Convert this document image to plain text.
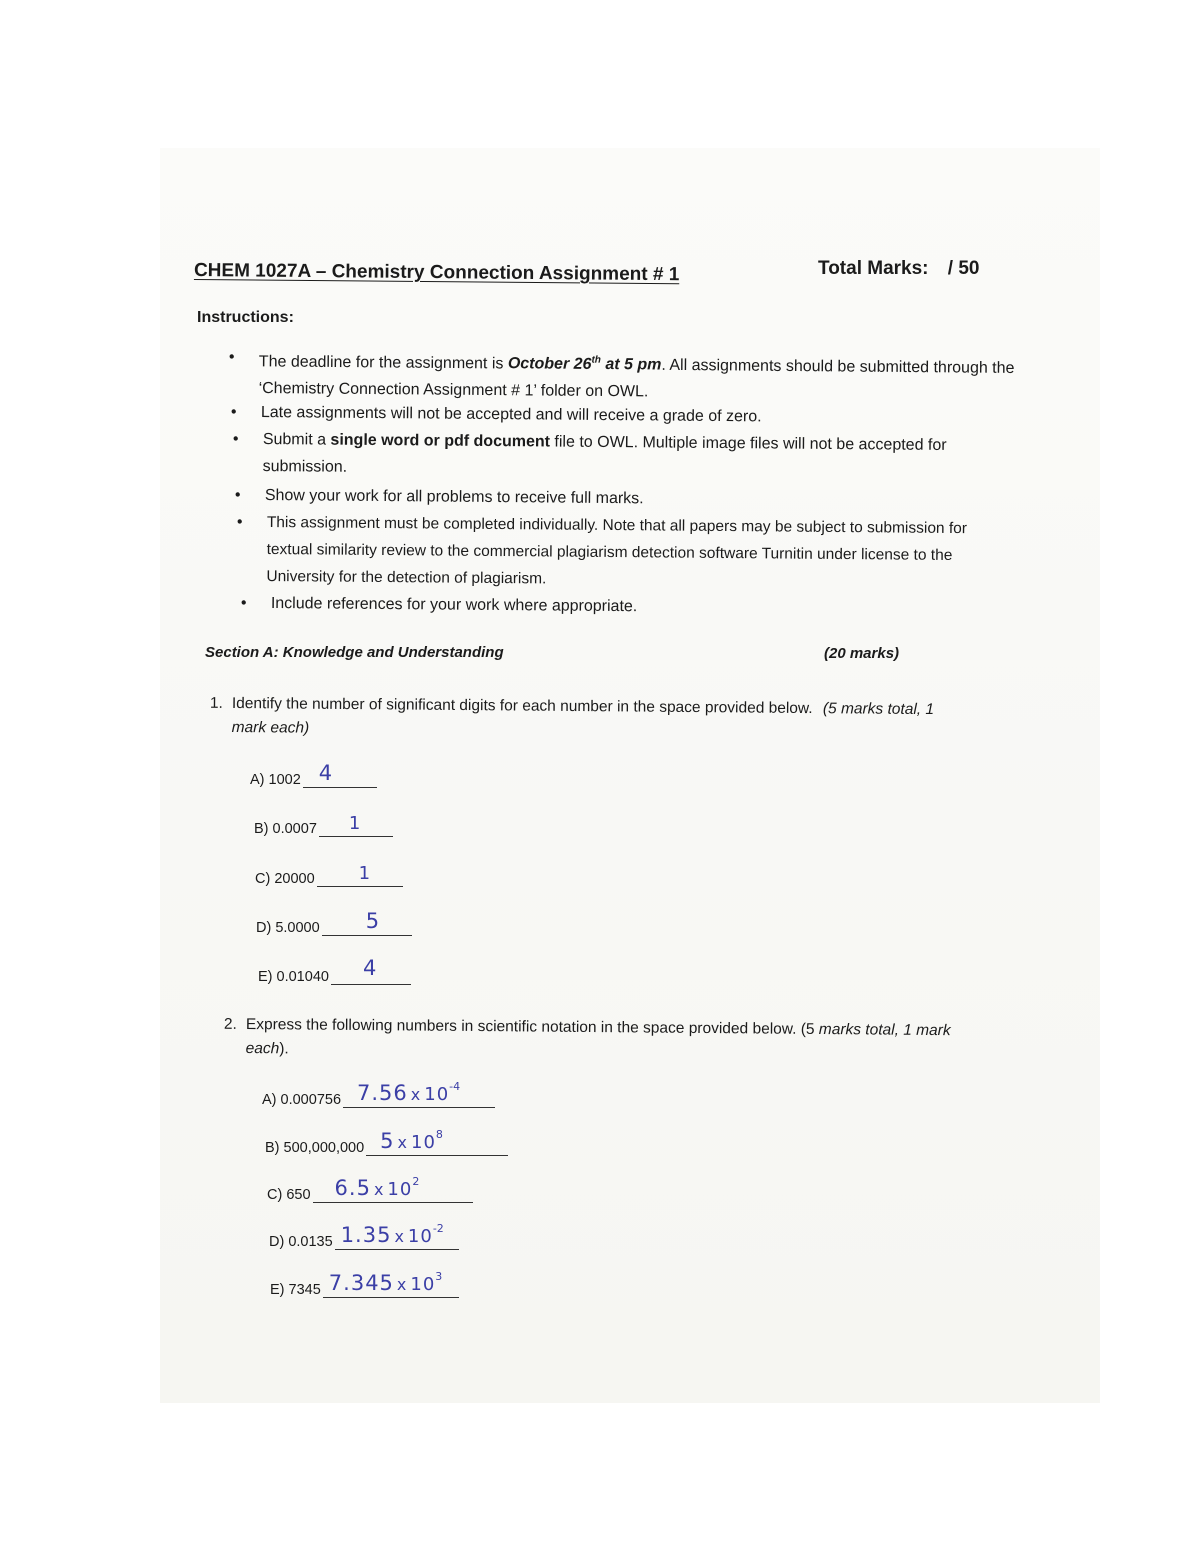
CHEM 1027A – Chemistry Connection Assignment # 1	Total Marks: / 50
Instructions:
• The deadline for the assignment is October 26th at 5 pm. All assignments should be submitted through the ‘Chemistry Connection Assignment # 1’ folder on OWL.
• Late assignments will not be accepted and will receive a grade of zero.
• Submit a single word or pdf document file to OWL. Multiple image files will not be accepted for submission.
• Show your work for all problems to receive full marks.
• This assignment must be completed individually. Note that all papers may be subject to submission for textual similarity review to the commercial plagiarism detection software Turnitin under license to the University for the detection of plagiarism.
• Include references for your work where appropriate.
Section A: Knowledge and Understanding	(20 marks)
1. Identify the number of significant digits for each number in the space provided below. (5 marks total, 1 mark each)
A) 1002 4
B) 0.0007 1
C) 20000 1
D) 5.0000 5
E) 0.01040 4
2. Express the following numbers in scientific notation in the space provided below. (5 marks total, 1 mark each).
A) 0.000756 7.56 x $10^{-4}$
B) 500,000,000 5 x $10^8$
C) 650 6.5 x $10^2$
D) 0.0135 1.35 x $10^{-2}$
E) 7345 7.345 x $10^3$
